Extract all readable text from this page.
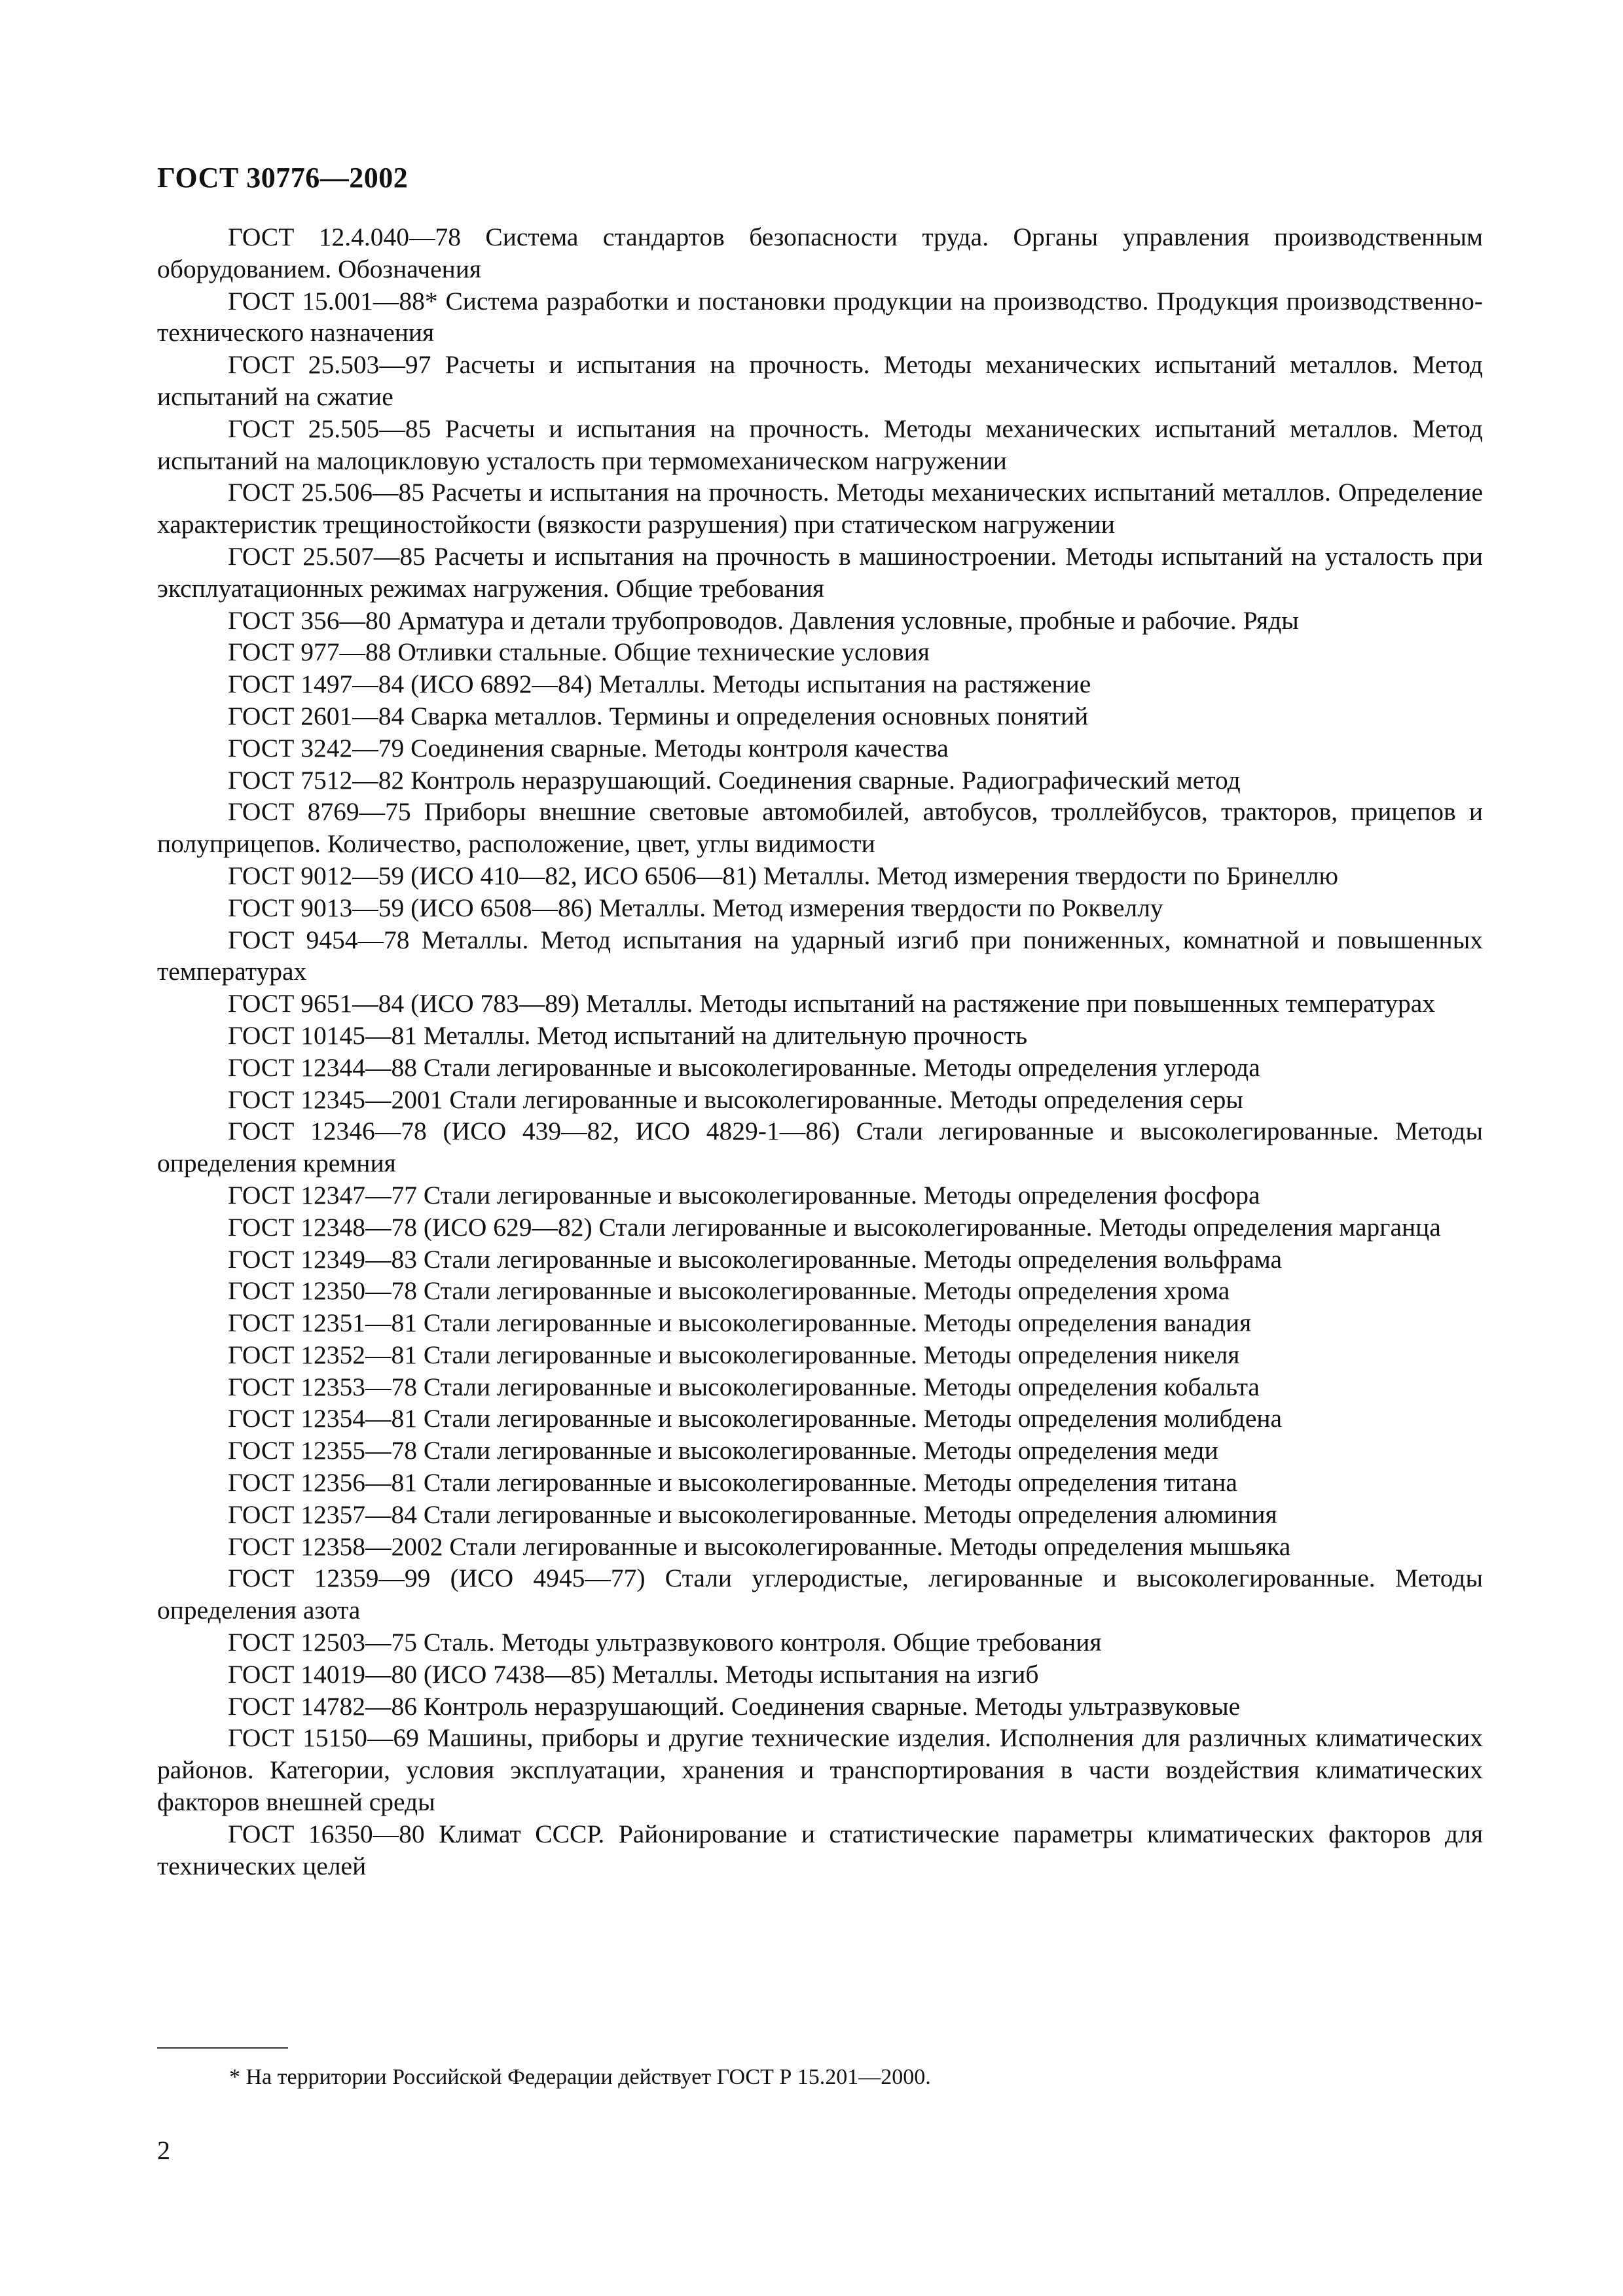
ГОСТ 30776—2002

ГОСТ 12.4.040—78 Система стандартов безопасности труда. Органы управления производственным оборудованием. Обозначения

ГОСТ 15.001—88* Система разработки и постановки продукции на производство. Продукция производственно-технического назначения

ГОСТ 25.503—97 Расчеты и испытания на прочность. Методы механических испытаний металлов. Метод испытаний на сжатие

ГОСТ 25.505—85 Расчеты и испытания на прочность. Методы механических испытаний металлов. Метод испытаний на малоцикловую усталость при термомеханическом нагружении

ГОСТ 25.506—85 Расчеты и испытания на прочность. Методы механических испытаний металлов. Определение характеристик трещиностойкости (вязкости разрушения) при статическом нагружении

ГОСТ 25.507—85 Расчеты и испытания на прочность в машиностроении. Методы испытаний на усталость при эксплуатационных режимах нагружения. Общие требования

ГОСТ 356—80 Арматура и детали трубопроводов. Давления условные, пробные и рабочие. Ряды

ГОСТ 977—88 Отливки стальные. Общие технические условия

ГОСТ 1497—84 (ИСО 6892—84) Металлы. Методы испытания на растяжение

ГОСТ 2601—84 Сварка металлов. Термины и определения основных понятий

ГОСТ 3242—79 Соединения сварные. Методы контроля качества

ГОСТ 7512—82 Контроль неразрушающий. Соединения сварные. Радиографический метод

ГОСТ 8769—75 Приборы внешние световые автомобилей, автобусов, троллейбусов, тракторов, прицепов и полуприцепов. Количество, расположение, цвет, углы видимости

ГОСТ 9012—59 (ИСО 410—82, ИСО 6506—81) Металлы. Метод измерения твердости по Бринеллю

ГОСТ 9013—59 (ИСО 6508—86) Металлы. Метод измерения твердости по Роквеллу

ГОСТ 9454—78 Металлы. Метод испытания на ударный изгиб при пониженных, комнатной и повышенных температурах

ГОСТ 9651—84 (ИСО 783—89) Металлы. Методы испытаний на растяжение при повышенных температурах

ГОСТ 10145—81 Металлы. Метод испытаний на длительную прочность

ГОСТ 12344—88 Стали легированные и высоколегированные. Методы определения углерода

ГОСТ 12345—2001 Стали легированные и высоколегированные. Методы определения серы

ГОСТ 12346—78 (ИСО 439—82, ИСО 4829-1—86) Стали легированные и высоколегированные. Методы определения кремния

ГОСТ 12347—77 Стали легированные и высоколегированные. Методы определения фосфора

ГОСТ 12348—78 (ИСО 629—82) Стали легированные и высоколегированные. Методы определения марганца

ГОСТ 12349—83 Стали легированные и высоколегированные. Методы определения вольфрама

ГОСТ 12350—78 Стали легированные и высоколегированные. Методы определения хрома

ГОСТ 12351—81 Стали легированные и высоколегированные. Методы определения ванадия

ГОСТ 12352—81 Стали легированные и высоколегированные. Методы определения никеля

ГОСТ 12353—78 Стали легированные и высоколегированные. Методы определения кобальта

ГОСТ 12354—81 Стали легированные и высоколегированные. Методы определения молибдена

ГОСТ 12355—78 Стали легированные и высоколегированные. Методы определения меди

ГОСТ 12356—81 Стали легированные и высоколегированные. Методы определения титана

ГОСТ 12357—84 Стали легированные и высоколегированные. Методы определения алюминия

ГОСТ 12358—2002 Стали легированные и высоколегированные. Методы определения мышьяка

ГОСТ 12359—99 (ИСО 4945—77) Стали углеродистые, легированные и высоколегированные. Методы определения азота

ГОСТ 12503—75 Сталь. Методы ультразвукового контроля. Общие требования

ГОСТ 14019—80 (ИСО 7438—85) Металлы. Методы испытания на изгиб

ГОСТ 14782—86 Контроль неразрушающий. Соединения сварные. Методы ультразвуковые

ГОСТ 15150—69 Машины, приборы и другие технические изделия. Исполнения для различных климатических районов. Категории, условия эксплуатации, хранения и транспортирования в части воздействия климатических факторов внешней среды

ГОСТ 16350—80 Климат СССР. Районирование и статистические параметры климатических факторов для технических целей

* На территории Российской Федерации действует ГОСТ Р 15.201—2000.

2
